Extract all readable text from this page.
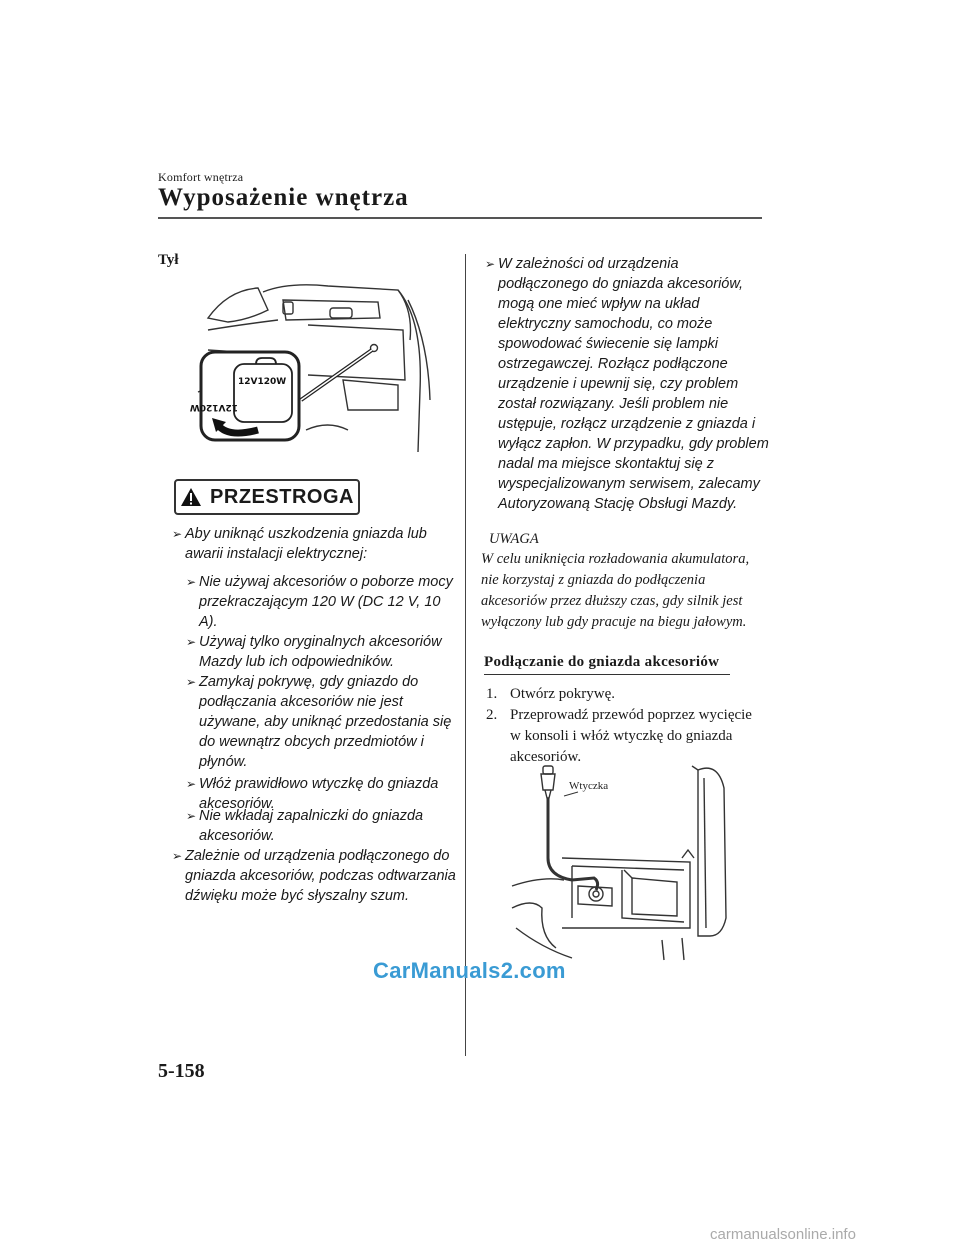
Komfort wnętrza
Wyposażenie wnętrza
Tył
12V120W
12V120W
PRZESTROGA
➢ Aby uniknąć uszkodzenia gniazda lub awarii instalacji elektrycznej:
➢ Nie używaj akcesoriów o poborze mocy przekraczającym 120 W (DC 12 V, 10 A).
➢ Używaj tylko oryginalnych akcesoriów Mazdy lub ich odpowiedników.
➢ Zamykaj pokrywę, gdy gniazdo do podłączania akcesoriów nie jest używane, aby uniknąć przedostania się do wewnątrz obcych przedmiotów i płynów.
➢ Włóż prawidłowo wtyczkę do gniazda akcesoriów.
➢ Nie wkładaj zapalniczki do gniazda akcesoriów.
➢ Zależnie od urządzenia podłączonego do gniazda akcesoriów, podczas odtwarzania dźwięku może być słyszalny szum.
➢ W zależności od urządzenia podłączonego do gniazda akcesoriów, mogą one mieć wpływ na układ elektryczny samochodu, co może spowodować świecenie się lampki ostrzegawczej. Rozłącz podłączone urządzenie i upewnij się, czy problem został rozwiązany. Jeśli problem nie ustępuje, rozłącz urządzenie z gniazda i wyłącz zapłon. W przypadku, gdy problem nadal ma miejsce skontaktuj się z wyspecjalizowanym serwisem, zalecamy Autoryzowaną Stację Obsługi Mazdy.
UWAGA
W celu uniknięcia rozładowania akumulatora, nie korzystaj z gniazda do podłączenia akcesoriów przez dłuższy czas, gdy silnik jest wyłączony lub gdy pracuje na biegu jałowym.
Podłączanie do gniazda akcesoriów
1. Otwórz pokrywę.
2. Przeprowadź przewód poprzez wycięcie w konsoli i włóż wtyczkę do gniazda akcesoriów.
Wtyczka
CarManuals2.com
5-158
carmanualsonline.info
